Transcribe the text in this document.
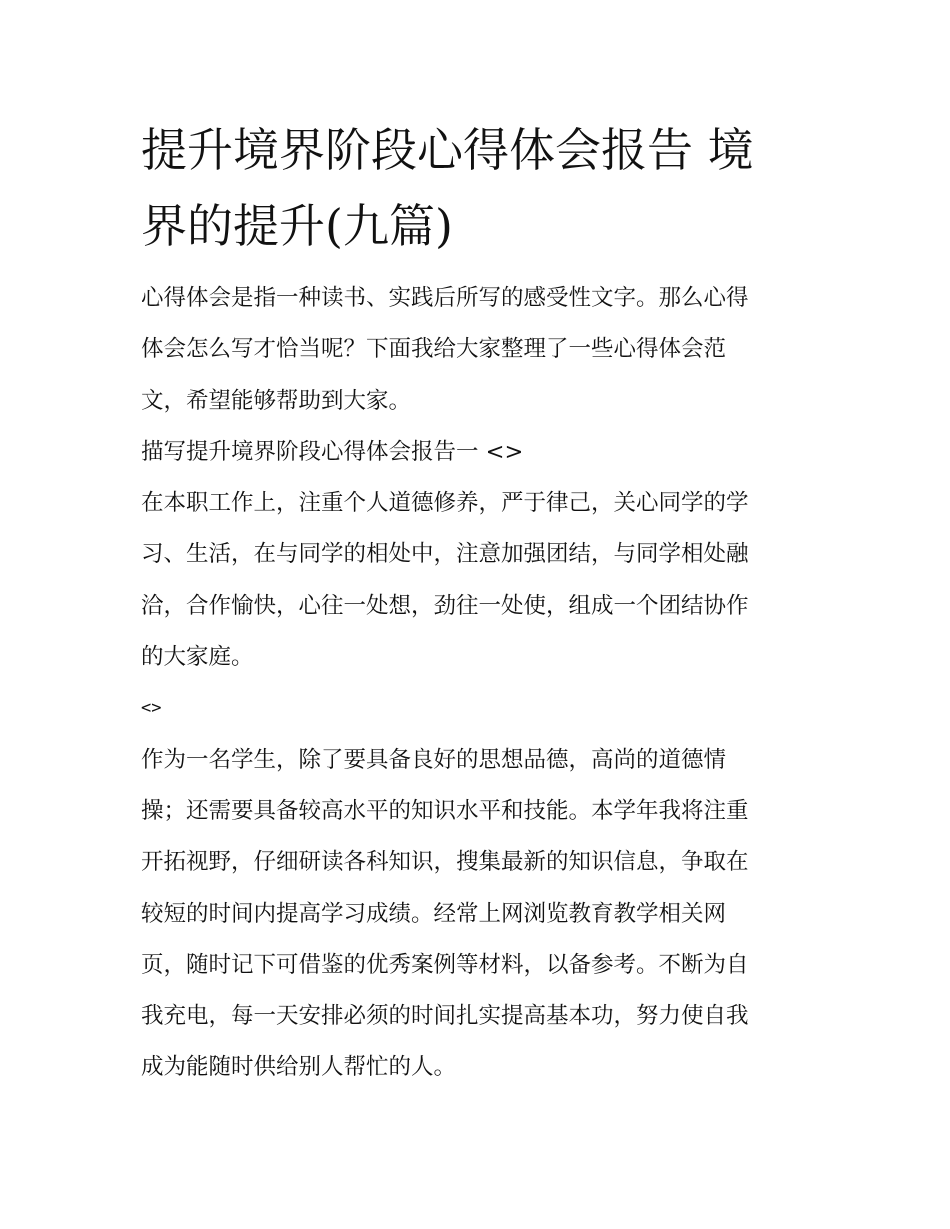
提升境界阶段心得体会报告 境
界的提升(九篇)

心得体会是指一种读书、实践后所写的感受性文字。那么心得

体会怎么写才恰当呢？下面我给大家整理了一些心得体会范

文，希望能够帮助到大家。

描写提升境界阶段心得体会报告一 <>

在本职工作上，注重个人道德修养，严于律己，关心同学的学

习、生活，在与同学的相处中，注意加强团结，与同学相处融

洽，合作愉快，心往一处想，劲往一处使，组成一个团结协作

的大家庭。

<>

作为一名学生，除了要具备良好的思想品德，高尚的道德情

操；还需要具备较高水平的知识水平和技能。本学年我将注重

开拓视野，仔细研读各科知识，搜集最新的知识信息，争取在

较短的时间内提高学习成绩。经常上网浏览教育教学相关网

页，随时记下可借鉴的优秀案例等材料，以备参考。不断为自

我充电，每一天安排必须的时间扎实提高基本功，努力使自我

成为能随时供给别人帮忙的人。
